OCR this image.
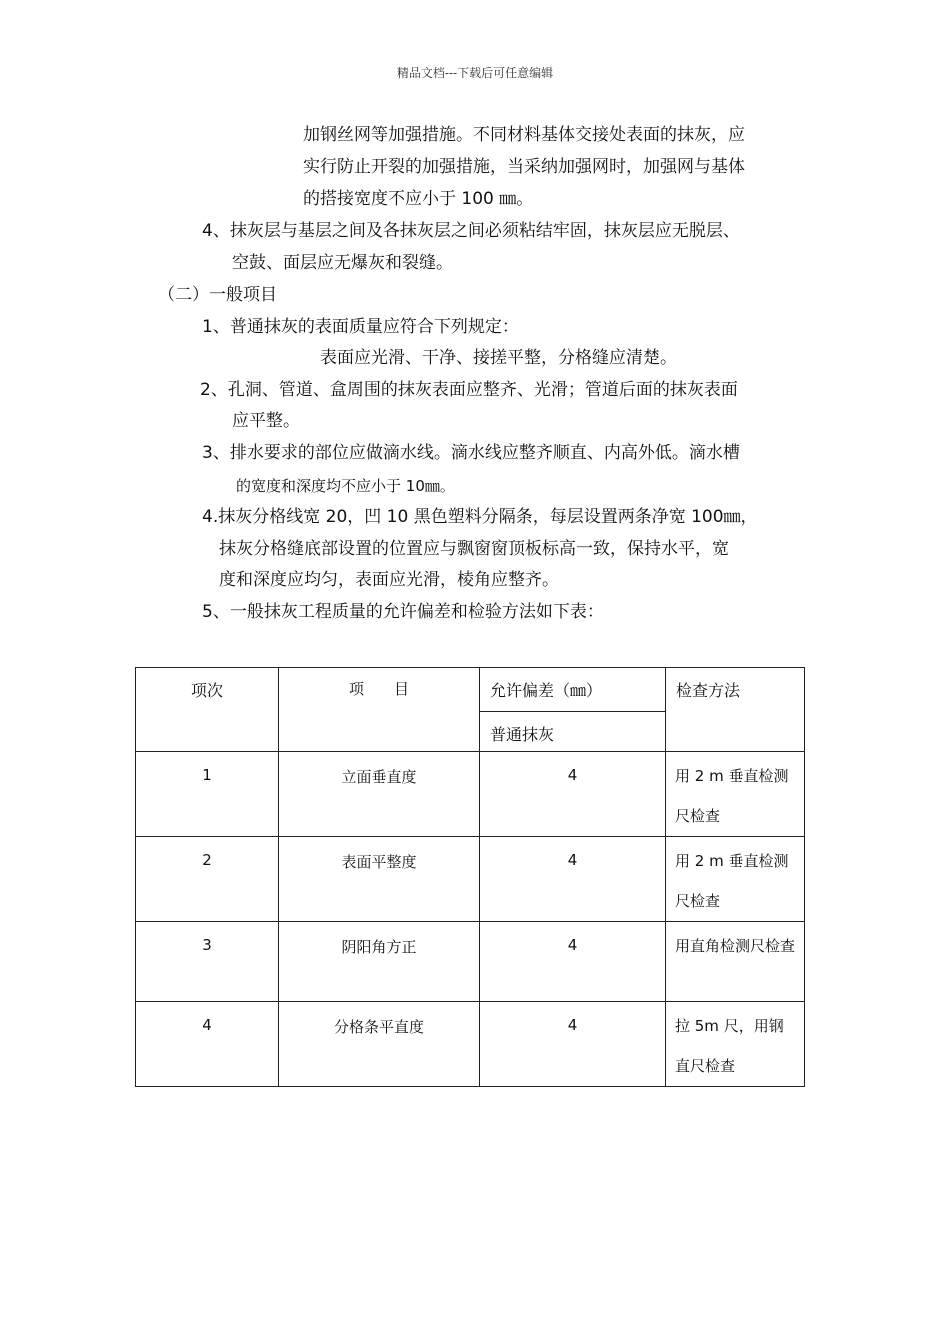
精品文档---下载后可任意编辑
加钢丝网等加强措施。不同材料基体交接处表面的抹灰，应
实行防止开裂的加强措施，当采纳加强网时，加强网与基体
的搭接宽度不应小于 100 ㎜。
4、抹灰层与基层之间及各抹灰层之间必须粘结牢固，抹灰层应无脱层、
空鼓、面层应无爆灰和裂缝。
（二）一般项目
1、普通抹灰的表面质量应符合下列规定：
表面应光滑、干净、接搓平整，分格缝应清楚。
2、孔洞、管道、盒周围的抹灰表面应整齐、光滑；管道后面的抹灰表面
应平整。
3、排水要求的部位应做滴水线。滴水线应整齐顺直、内高外低。滴水槽
的宽度和深度均不应小于 10㎜。
4.抹灰分格线宽 20，凹 10 黑色塑料分隔条，每层设置两条净宽 100㎜，
抹灰分格缝底部设置的位置应与飘窗窗顶板标高一致，保持水平，宽
度和深度应均匀，表面应光滑，棱角应整齐。
5、一般抹灰工程质量的允许偏差和检验方法如下表：
项次	项　　目	允许偏差（㎜）	检查方法
		普通抹灰	
1	立面垂直度	4	用 2 m 垂直检测尺检查
2	表面平整度	4	用 2 m 垂直检测尺检查
3	阴阳角方正	4	用直角检测尺检查
4	分格条平直度	4	拉 5m 尺，用钢直尺检查
